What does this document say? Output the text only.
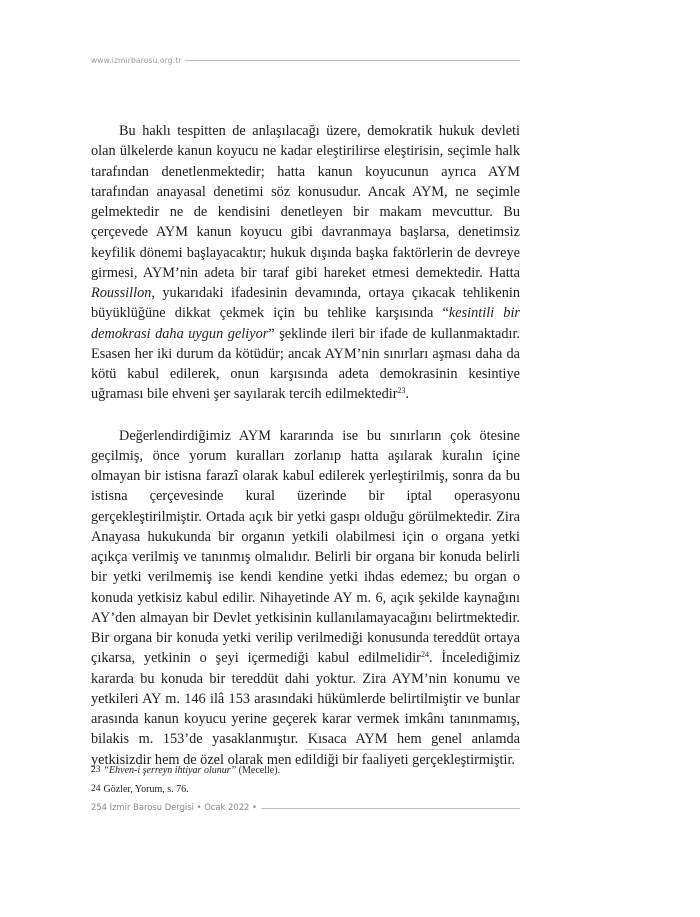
www.izmirbarosu.org.tr

Bu haklı tespitten de anlaşılacağı üzere, demokratik hukuk devleti olan ülkelerde kanun koyucu ne kadar eleştirilirse eleştirisin, seçimle halk tarafından denetlenmektedir; hatta kanun koyucunun ayrıca AYM tarafından anayasal denetimi söz konusudur. Ancak AYM, ne seçimle gelmektedir ne de kendisini denetleyen bir makam mevcuttur. Bu çerçevede AYM kanun koyucu gibi davranmaya başlarsa, denetimsiz keyfilik dönemi başlayacaktır; hukuk dışında başka faktörlerin de devreye girmesi, AYM’nin adeta bir taraf gibi hareket etmesi demektedir. Hatta Roussillon, yukarıdaki ifadesinin devamında, ortaya çıkacak tehlikenin büyüklüğüne dikkat çekmek için bu tehlike karşısında “kesintili bir demokrasi daha uygun geliyor” şeklinde ileri bir ifade de kullanmaktadır. Esasen her iki durum da kötüdür; ancak AYM’nin sınırları aşması daha da kötü kabul edilerek, onun karşısında adeta demokrasinin kesintiye uğraması bile ehveni şer sayılarak tercih edilmektedir$^{23}$.

Değerlendirdiğimiz AYM kararında ise bu sınırların çok ötesine geçilmiş, önce yorum kuralları zorlanıp hatta aşılarak kuralın içine olmayan bir istisna farazî olarak kabul edilerek yerleştirilmiş, sonra da bu istisna çerçevesinde kural üzerinde bir iptal operasyonu gerçekleştirilmiştir. Ortada açık bir yetki gaspı olduğu görülmektedir. Zira Anayasa hukukunda bir organın yetkili olabilmesi için o organa yetki açıkça verilmiş ve tanınmış olmalıdır. Belirli bir organa bir konuda belirli bir yetki verilmemiş ise kendi kendine yetki ihdas edemez; bu organ o konuda yetkisiz kabul edilir. Nihayetinde AY m. 6, açık şekilde kaynağını AY’den almayan bir Devlet yetkisinin kullanılamayacağını belirtmektedir. Bir organa bir konuda yetki verilip verilmediği konusunda tereddüt ortaya çıkarsa, yetkinin o şeyi içermediği kabul edilmelidir$^{24}$. İncelediğimiz kararda bu konuda bir tereddüt dahi yoktur. Zira AYM’nin konumu ve yetkileri AY m. 146 ilâ 153 arasındaki hükümlerde belirtilmiştir ve bunlar arasında kanun koyucu yerine geçerek karar vermek imkânı tanınmamış, bilakis m. 153’de yasaklanmıştır. Kısaca AYM hem genel anlamda yetkisizdir hem de özel olarak men edildiği bir faaliyeti gerçekleştirmiştir.

23 “Ehven-i şerreyn ihtiyar olunur” (Mecelle).
24 Gözler, Yorum, s. 76.
254 İzmir Barosu Dergisi • Ocak 2022 •
